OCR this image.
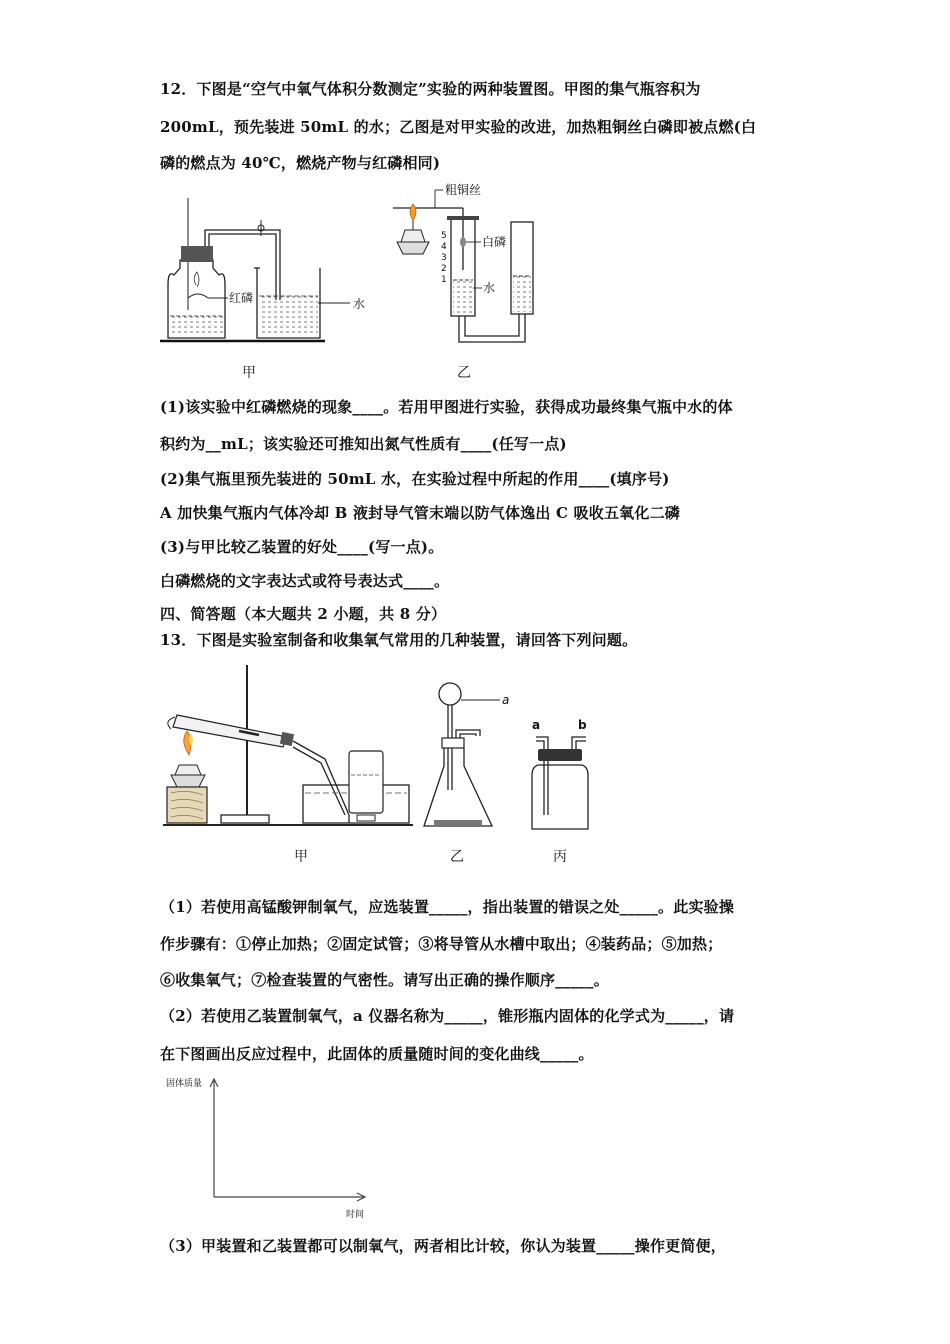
12．下图是“空气中氧气体积分数测定”实验的两种装置图。甲图的集气瓶容积为
200mL，预先装进 50mL 的水；乙图是对甲实验的改进，加热粗铜丝白磷即被点燃(白
磷的燃点为 40℃，燃烧产物与红磷相同)
红磷	水
甲
粗铜丝
5
4
3
2
1
白磷
水
乙
(1)该实验中红磷燃烧的现象____。若用甲图进行实验，获得成功最终集气瓶中水的体
积约为__mL；该实验还可推知出氮气性质有____(任写一点)
(2)集气瓶里预先装进的 50mL 水，在实验过程中所起的作用____(填序号)
A 加快集气瓶内气体冷却 B 液封导气管末端以防气体逸出 C 吸收五氧化二磷
(3)与甲比较乙装置的好处____(写一点)。
白磷燃烧的文字表达式或符号表达式____。
四、简答题（本大题共 2 小题，共 8 分）
13．下图是实验室制备和收集氧气常用的几种装置，请回答下列问题。
甲
a
乙
a	b
丙
（1）若使用高锰酸钾制氧气，应选装置_____，指出装置的错误之处_____。此实验操
作步骤有：①停止加热；②固定试管；③将导管从水槽中取出；④装药品；⑤加热；
⑥收集氧气；⑦检查装置的气密性。请写出正确的操作顺序_____。
（2）若使用乙装置制氧气，a 仪器名称为_____，锥形瓶内固体的化学式为_____，请
在下图画出反应过程中，此固体的质量随时间的变化曲线_____。
固体质量
时间
（3）甲装置和乙装置都可以制氧气，两者相比计较，你认为装置_____操作更简便，
